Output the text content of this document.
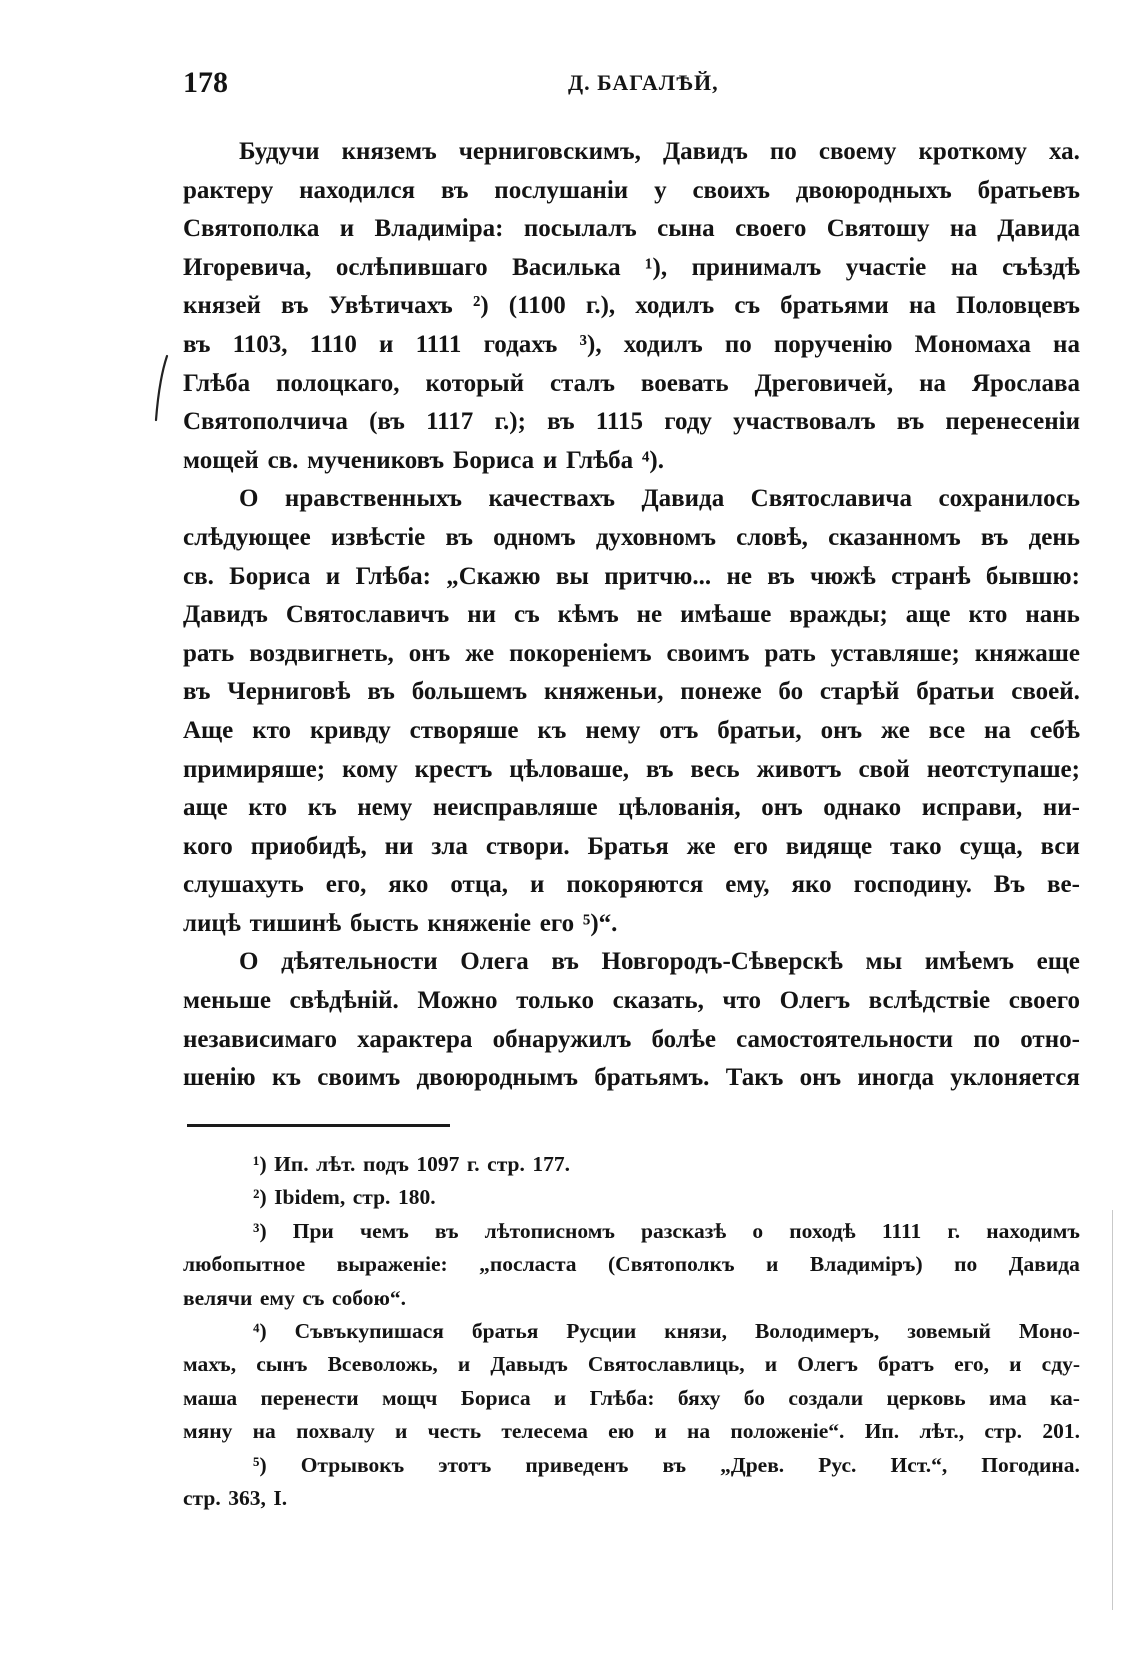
178	Д. БАГАЛѢЙ,
Будучи княземъ черниговскимъ, Давидъ по своему кроткому ха.
рактеру находился въ послушаніи у своихъ двоюродныхъ братьевъ
Святополка и Владиміра: посылалъ сына своего Святошу на Давида
Игоревича, ослѣпившаго Василька ¹), принималъ участіе на съѣздѣ
князей въ Увѣтичахъ ²) (1100 г.), ходилъ съ братьями на Половцевъ
въ 1103, 1110 и 1111 годахъ ³), ходилъ по порученію Мономаха на
Глѣба полоцкаго, который сталъ воевать Дреговичей, на Ярослава
Святополчича (въ 1117 г.); въ 1115 году участвовалъ въ перенесеніи
мощей св. мучениковъ Бориса и Глѣба ⁴).
О нравственныхъ качествахъ Давида Святославича сохранилось
слѣдующее извѣстіе въ одномъ духовномъ словѣ, сказанномъ въ день
св. Бориса и Глѣба: „Скажю вы притчю... не въ чюжѣ странѣ бывшю:
Давидъ Святославичъ ни съ кѣмъ не имѣаше вражды; аще кто нань
рать воздвигнеть, онъ же покореніемъ своимъ рать уставляше; княжаше
въ Черниговѣ въ большемъ княженьи, понеже бо старѣй братьи своей.
Аще кто кривду створяше къ нему отъ братьи, онъ же все на себѣ
примиряше; кому крестъ цѣловаше, въ весь животъ свой неотступаше;
аще кто къ нему неисправляше цѣлованія, онъ однако исправи, ни-
кого приобидѣ, ни зла створи. Братья же его видяще тако суща, вси
слушахуть его, яко отца, и покоряются ему, яко господину. Въ ве-
лицѣ тишинѣ бысть княженіе его ⁵)“.
О дѣятельности Олега въ Новгородъ-Сѣверскѣ мы имѣемъ еще
меньше свѣдѣній. Можно только сказать, что Олегъ вслѣдствіе своего
независимаго характера обнаружилъ болѣе самостоятельности по отно-
шенію къ своимъ двоюроднымъ братьямъ. Такъ онъ иногда уклоняется
¹) Ип. лѣт. подъ 1097 г. стр. 177.
²) Ibidem, стр. 180.
³) При чемъ въ лѣтописномъ разсказѣ о походѣ 1111 г. находимъ
любопытное выраженіе: „посласта (Святополкъ и Владиміръ) по Давида
велячи ему съ собою“.
⁴) Съвъкупишася братья Русции князи, Володимеръ, зовемый Моно-
махъ, сынъ Всеволожь, и Давыдъ Святославлиць, и Олегъ братъ его, и сду-
маша перенести мощч Бориса и Глѣба: бяху бо создали церковь има ка-
мяну на похвалу и честь телесема ею и на положеніе“. Ип. лѣт., стр. 201.
⁵) Отрывокъ этотъ приведенъ въ „Древ. Рус. Ист.“, Погодина.
стр. 363, I.
